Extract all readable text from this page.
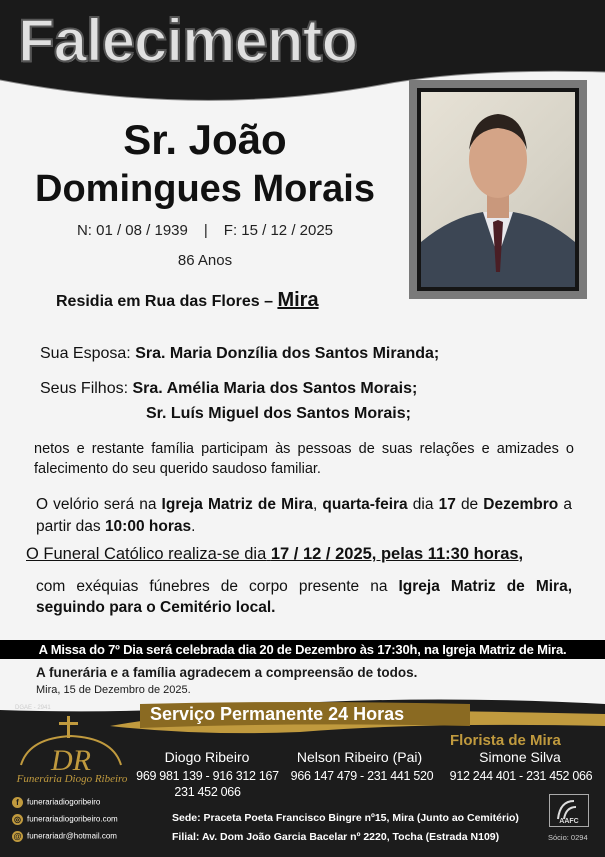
Falecimento
Sr. João
Domingues Morais
N: 01 / 08 / 1939 | F: 15 / 12 / 2025
86 Anos
Residia em Rua das Flores – Mira
Sua Esposa: Sra. Maria Donzília dos Santos Miranda;
Seus Filhos: Sra. Amélia Maria dos Santos Morais;
Sr. Luís Miguel dos Santos Morais;
netos e restante família participam às pessoas de suas relações e amizades o falecimento do seu querido saudoso familiar.
O velório será na Igreja Matriz de Mira, quarta-feira dia 17 de Dezembro a partir das 10:00 horas.
O Funeral Católico realiza-se dia 17 / 12 / 2025, pelas 11:30 horas,
com exéquias fúnebres de corpo presente na Igreja Matriz de Mira, seguindo para o Cemitério local.
A Missa do 7º Dia será celebrada dia 20 de Dezembro às 17:30h, na Igreja Matriz de Mira.
A funerária e a família agradecem a compreensão de todos.
Mira, 15 de Dezembro de 2025.
DGAE - 2941	Serviço Permanente 24 Horas
DR
Funerária Diogo Ribeiro
f funerariadiogoribeiro
◎ funerariadiogoribeiro.com
@ funerariadr@hotmail.com
Florista de Mira
Diogo Ribeiro
969 981 139 - 916 312 167
231 452 066
Nelson Ribeiro (Pai)
966 147 479 - 231 441 520
Simone Silva
912 244 401 - 231 452 066
Sede: Praceta Poeta Francisco Bingre nº15, Mira (Junto ao Cemitério)
Filial: Av. Dom João Garcia Bacelar nº 2220, Tocha (Estrada N109)
AAFC
Sócio: 0294
